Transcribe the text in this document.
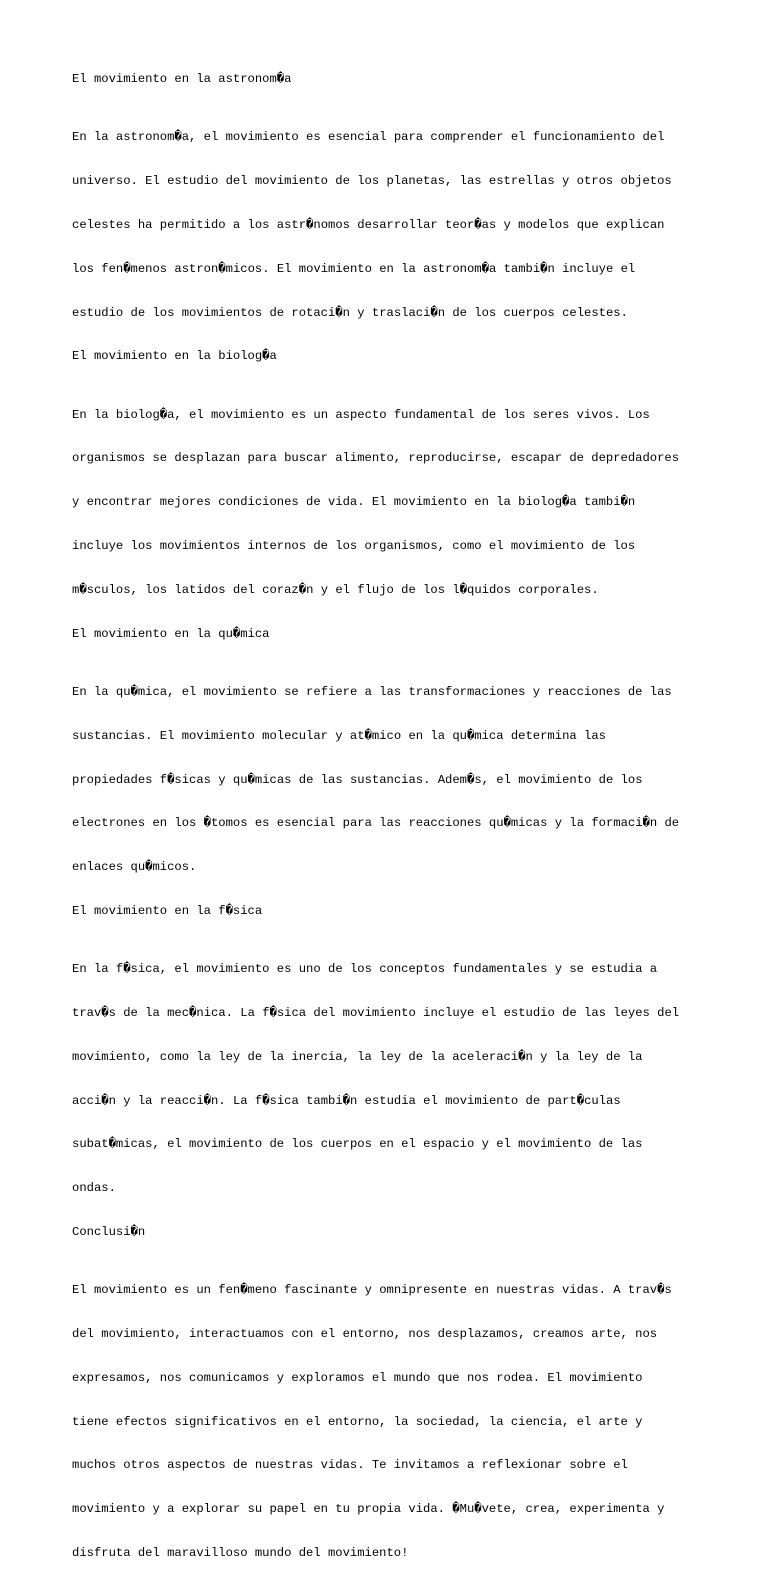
El movimiento en la astronom�a

En la astronom�a, el movimiento es esencial para comprender el funcionamiento del

universo. El estudio del movimiento de los planetas, las estrellas y otros objetos

celestes ha permitido a los astr�nomos desarrollar teor�as y modelos que explican

los fen�menos astron�micos. El movimiento en la astronom�a tambi�n incluye el

estudio de los movimientos de rotaci�n y traslaci�n de los cuerpos celestes.

El movimiento en la biolog�a

En la biolog�a, el movimiento es un aspecto fundamental de los seres vivos. Los

organismos se desplazan para buscar alimento, reproducirse, escapar de depredadores

y encontrar mejores condiciones de vida. El movimiento en la biolog�a tambi�n

incluye los movimientos internos de los organismos, como el movimiento de los

m�sculos, los latidos del coraz�n y el flujo de los l�quidos corporales.

El movimiento en la qu�mica

En la qu�mica, el movimiento se refiere a las transformaciones y reacciones de las

sustancias. El movimiento molecular y at�mico en la qu�mica determina las

propiedades f�sicas y qu�micas de las sustancias. Adem�s, el movimiento de los

electrones en los �tomos es esencial para las reacciones qu�micas y la formaci�n de

enlaces qu�micos.

El movimiento en la f�sica

En la f�sica, el movimiento es uno de los conceptos fundamentales y se estudia a

trav�s de la mec�nica. La f�sica del movimiento incluye el estudio de las leyes del

movimiento, como la ley de la inercia, la ley de la aceleraci�n y la ley de la

acci�n y la reacci�n. La f�sica tambi�n estudia el movimiento de part�culas

subat�micas, el movimiento de los cuerpos en el espacio y el movimiento de las

ondas.

Conclusi�n

El movimiento es un fen�meno fascinante y omnipresente en nuestras vidas. A trav�s

del movimiento, interactuamos con el entorno, nos desplazamos, creamos arte, nos

expresamos, nos comunicamos y exploramos el mundo que nos rodea. El movimiento

tiene efectos significativos en el entorno, la sociedad, la ciencia, el arte y

muchos otros aspectos de nuestras vidas. Te invitamos a reflexionar sobre el

movimiento y a explorar su papel en tu propia vida. �Mu�vete, crea, experimenta y

disfruta del maravilloso mundo del movimiento!
